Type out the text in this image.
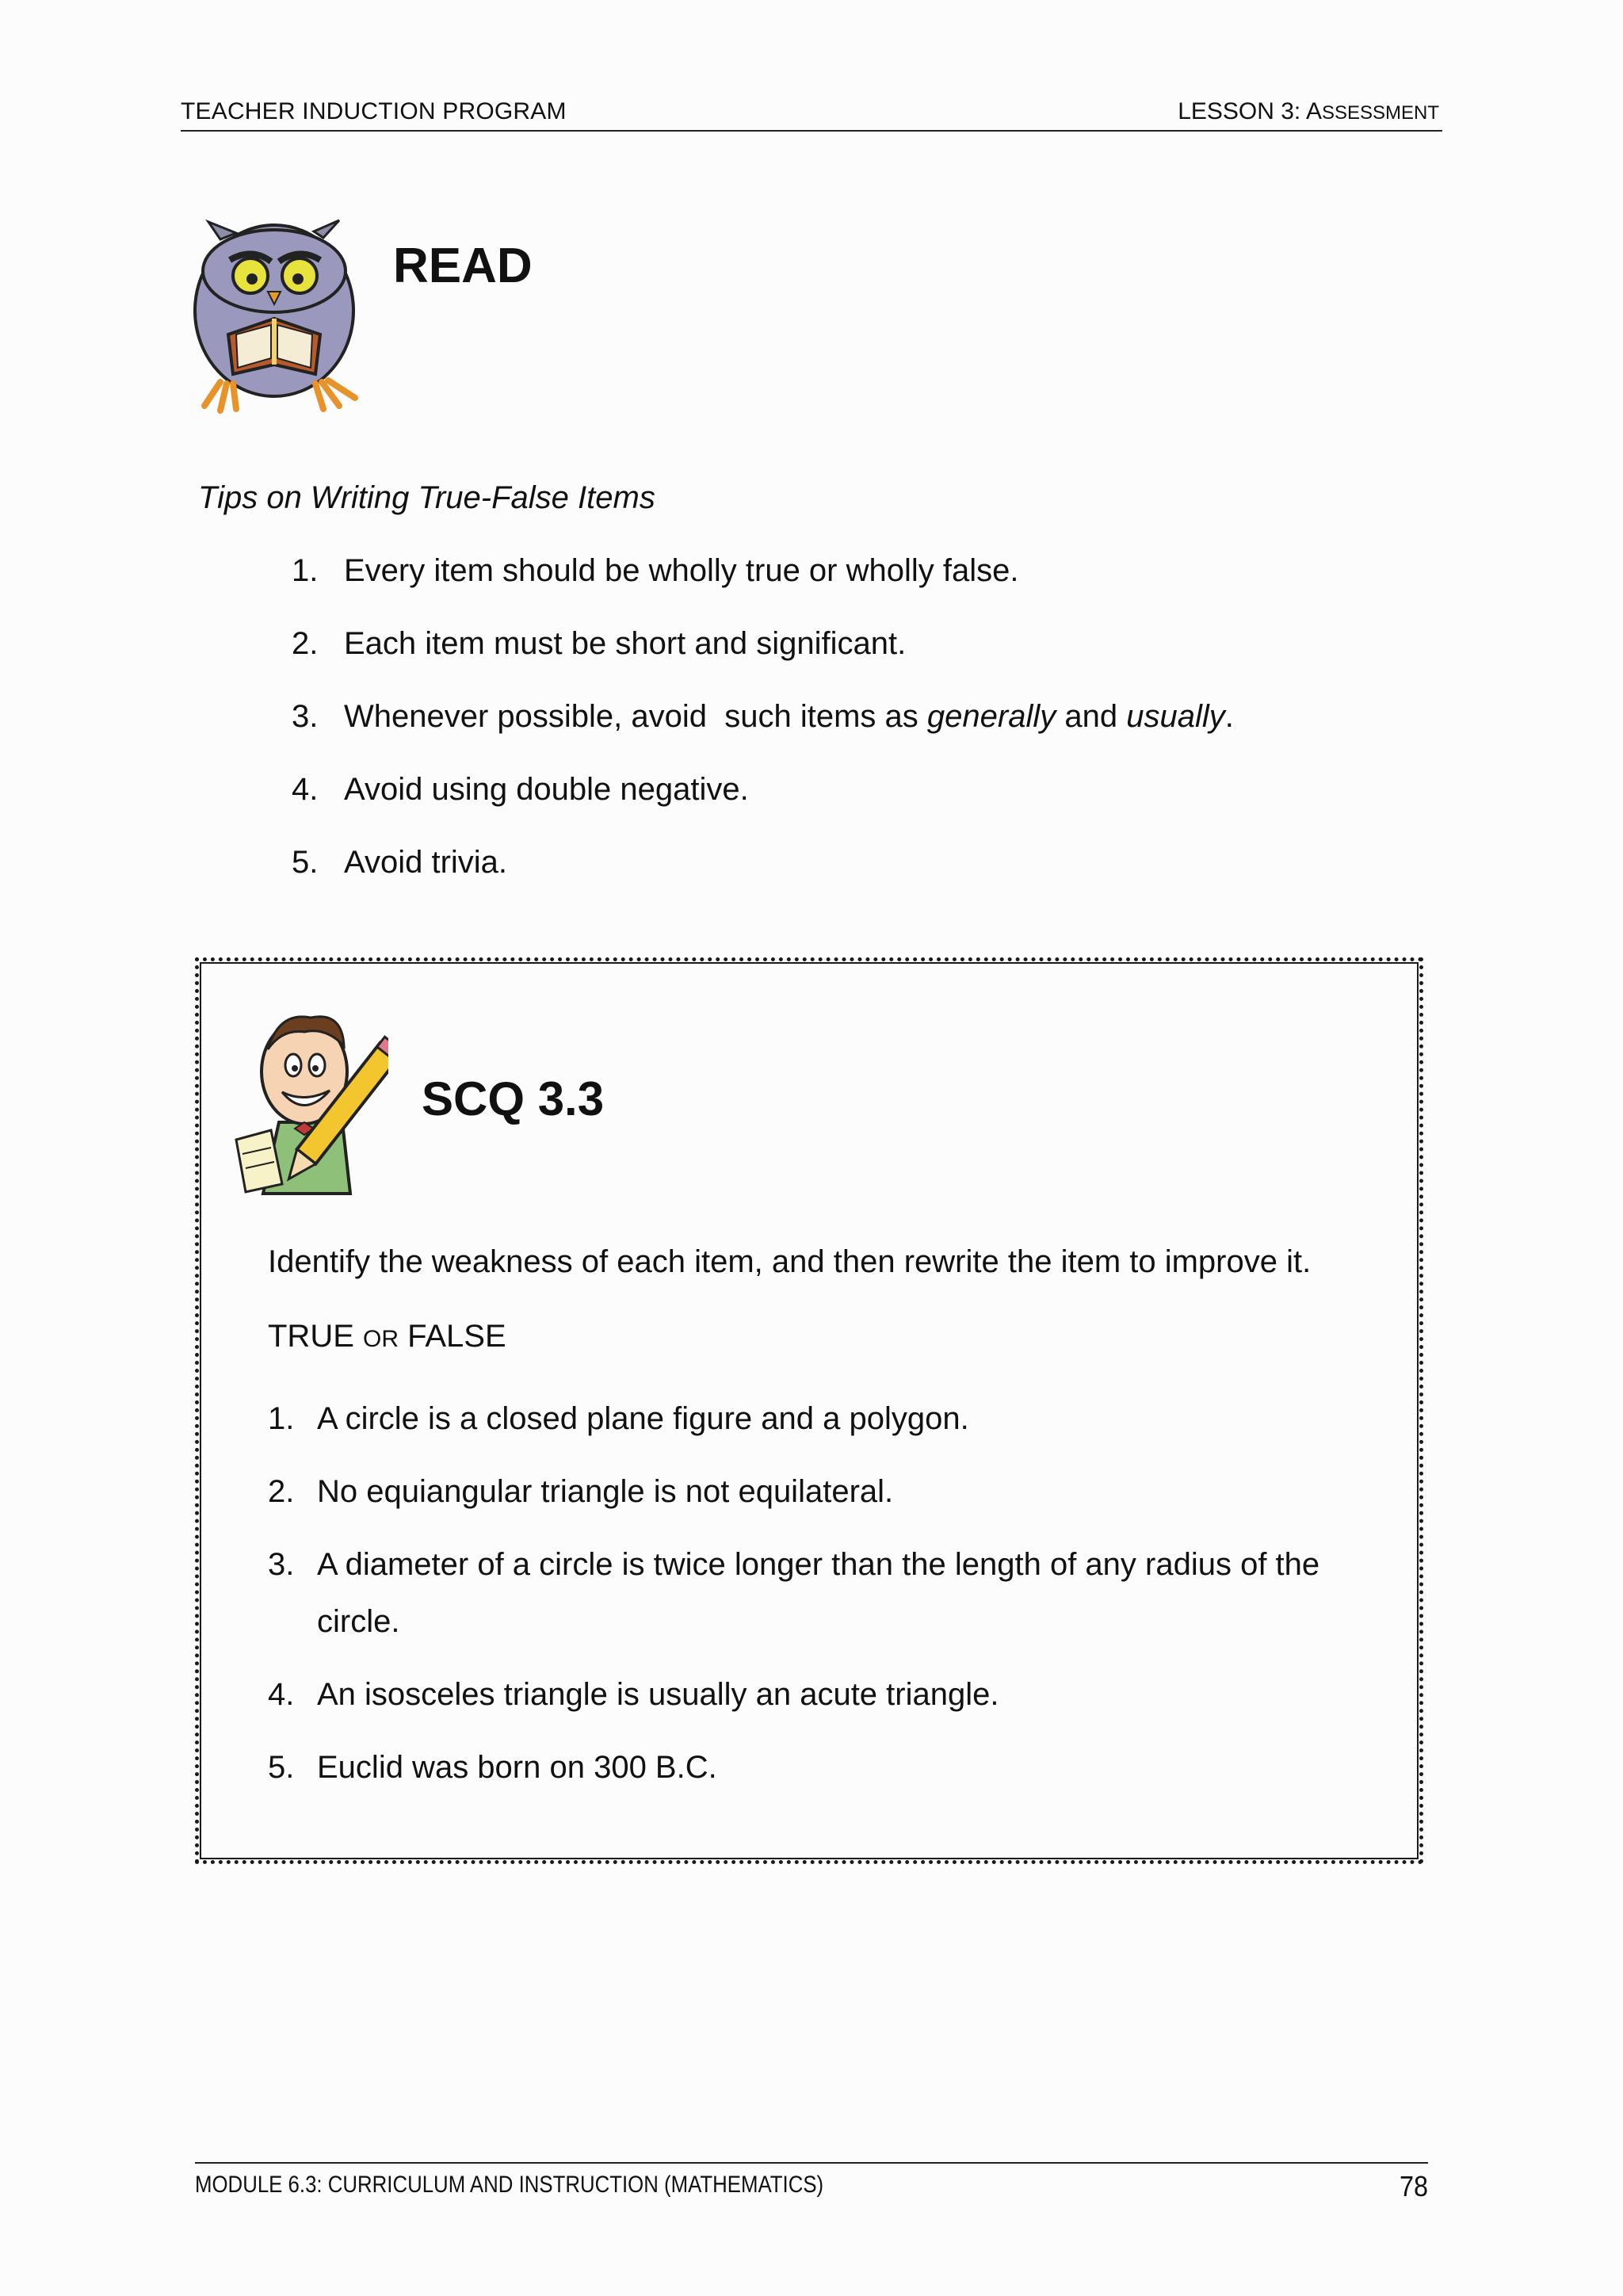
TEACHER INDUCTION PROGRAM	LESSON 3: ASSESSMENT
READ
Tips on Writing True-False Items
1. Every item should be wholly true or wholly false.
2. Each item must be short and significant.
3. Whenever possible, avoid  such items as generally and usually.
4. Avoid using double negative.
5. Avoid trivia.
SCQ 3.3
Identify the weakness of each item, and then rewrite the item to improve it.
TRUE OR FALSE
1. A circle is a closed plane figure and a polygon.
2. No equiangular triangle is not equilateral.
3. A diameter of a circle is twice longer than the length of any radius of the circle.
4. An isosceles triangle is usually an acute triangle.
5. Euclid was born on 300 B.C.
MODULE 6.3: CURRICULUM AND INSTRUCTION (MATHEMATICS)	78
